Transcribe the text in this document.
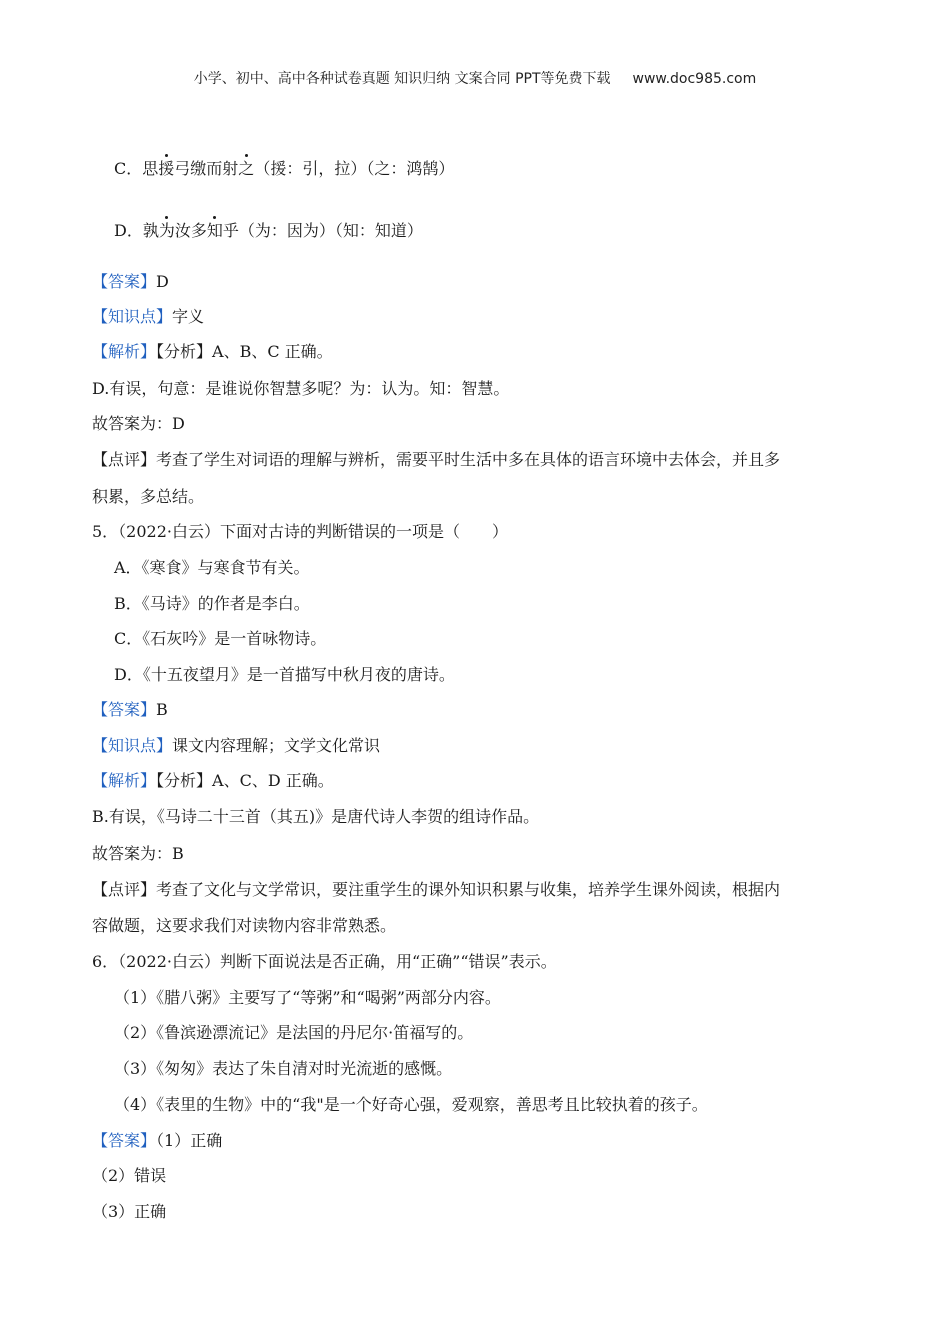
小学、初中、高中各种试卷真题 知识归纳 文案合同 PPT等免费下载 www.doc985.com
C．思援弓缴而射之（援：引，拉）（之：鸿鹄）
D．孰为汝多知乎（为：因为）（知：知道）
【答案】D
【知识点】字义
【解析】【分析】A、B、C 正确。
D.有误，句意：是谁说你智慧多呢？为：认为。知：智慧。
故答案为：D
【点评】考查了学生对词语的理解与辨析，需要平时生活中多在具体的语言环境中去体会，并且多
积累，多总结。
5．（2022·白云）下面对古诗的判断错误的一项是（　　）
A．《寒食》与寒食节有关。
B．《马诗》的作者是李白。
C．《石灰吟》是一首咏物诗。
D．《十五夜望月》是一首描写中秋月夜的唐诗。
【答案】B
【知识点】课文内容理解；文学文化常识
【解析】【分析】A、C、D 正确。
B.有误，《马诗二十三首（其五)》是唐代诗人李贺的组诗作品。
故答案为：B
【点评】考查了文化与文学常识，要注重学生的课外知识积累与收集，培养学生课外阅读，根据内
容做题，这要求我们对读物内容非常熟悉。
6．（2022·白云）判断下面说法是否正确，用“正确”“错误”表示。
（1）《腊八粥》主要写了“等粥”和“喝粥”两部分内容。
（2）《鲁滨逊漂流记》是法国的丹尼尔·笛福写的。
（3）《匆匆》表达了朱自清对时光流逝的感慨。
（4）《表里的生物》中的“我"是一个好奇心强，爱观察，善思考且比较执着的孩子。
【答案】（1）正确
（2）错误
（3）正确
